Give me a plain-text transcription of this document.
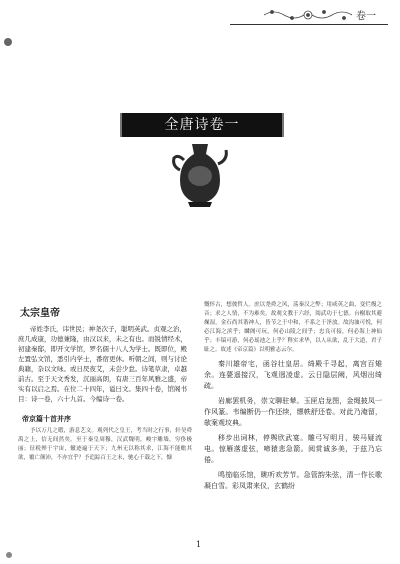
卷一
全唐诗卷一
太宗皇帝

帝姓李氏，讳世民；神尧次子，聪明英武。贞观之治，庶几成康，功德兼隆，由汉以来，未之有也。而锐情经术，初建秦邸，即开文学馆，罗名儒十八人为学士。既即位，殿左置弘文馆，悉引内学士，番宿更休。听朝之间，则与讨论典籍，杂以文咏。或日昃夜艾，未尝少怠。诗笔草隶，卓越前古。至于天文秀发，沉丽高朗，有唐三百年风雅之盛，帝实有以启之焉。在位二十四年，谥曰文。集四十卷，馆阁书目：诗一卷，六十九首。今编诗一卷。

帝京篇十首并序

予以万几之暇，游息艺文。观列代之皇王，考当时之行事，轩昊舜禹之上，信无间然矣。至于秦皇周穆，汉武魏明，峻宇雕墙，穷侈极丽；征税殚于宇宙，辙迹遍于天下；九州无以称其求，江海不能赡其欲，覆亡颠沛，不亦宜乎？予追踪百王之末，驰心千载之下，慷

慨怀古，想彼哲人。庶以尧舜之风，荡秦汉之弊；用咸英之曲，变烂熳之音；求之人情，不为难矣。故观文教于六经，阅武功于七德。台榭取其避燥湿，金石尚其谐神人，皆节之于中和，不系之于淫放。故沟洫可悦，何必江海之滨乎；麟阁可玩，何必山陵之间乎；忠良可接，何必海上神仙乎；丰镐可游，何必瑶池之上乎？释实求华，以人从欲，乱于大道，君子耻之。故述《帝京篇》以明雅志云尔。

秦川雄帝宅，函谷壮皇居。绮殿千寻起，离宫百雉余。连甍遥接汉，飞观迥凌虚。云日隐层阙，风烟出绮疏。

岩廊罢机务，崇文聊驻辇。玉匣启龙图，金绳披凤一作风篆。韦编断仍一作还续，缥帙舒还卷。对此乃淹留，欹案观坟典。

移步出词林，停舆欣武宴。雕弓写明月，骏马疑流电。惊雁落虚弦，啼猿悲急箭。阅赏诚多美，于兹乃忘倦。

鸣笳临乐馆，眺听欢芳节。急管韵朱弦，清一作长歌凝白雪。彩凤肃来仪，玄鹤纷

1
